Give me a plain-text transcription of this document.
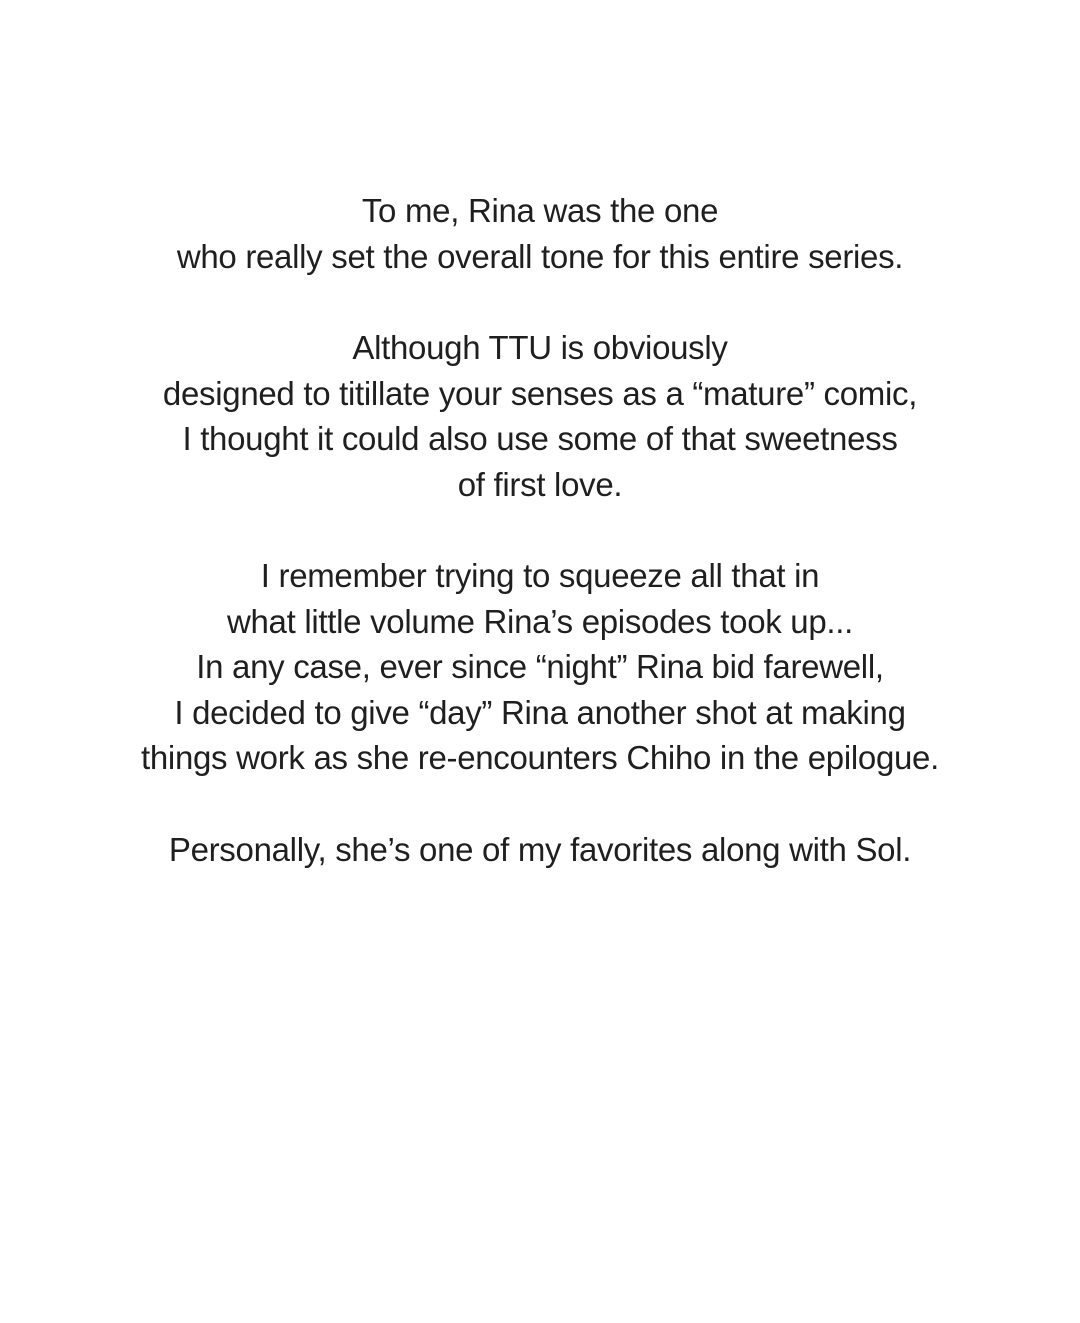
To me, Rina was the one
who really set the overall tone for this entire series.
Although TTU is obviously
designed to titillate your senses as a “mature” comic,
I thought it could also use some of that sweetness
of first love.
I remember trying to squeeze all that in
what little volume Rina’s episodes took up...
In any case, ever since “night” Rina bid farewell,
I decided to give “day” Rina another shot at making
things work as she re-encounters Chiho in the epilogue.
Personally, she’s one of my favorites along with Sol.
